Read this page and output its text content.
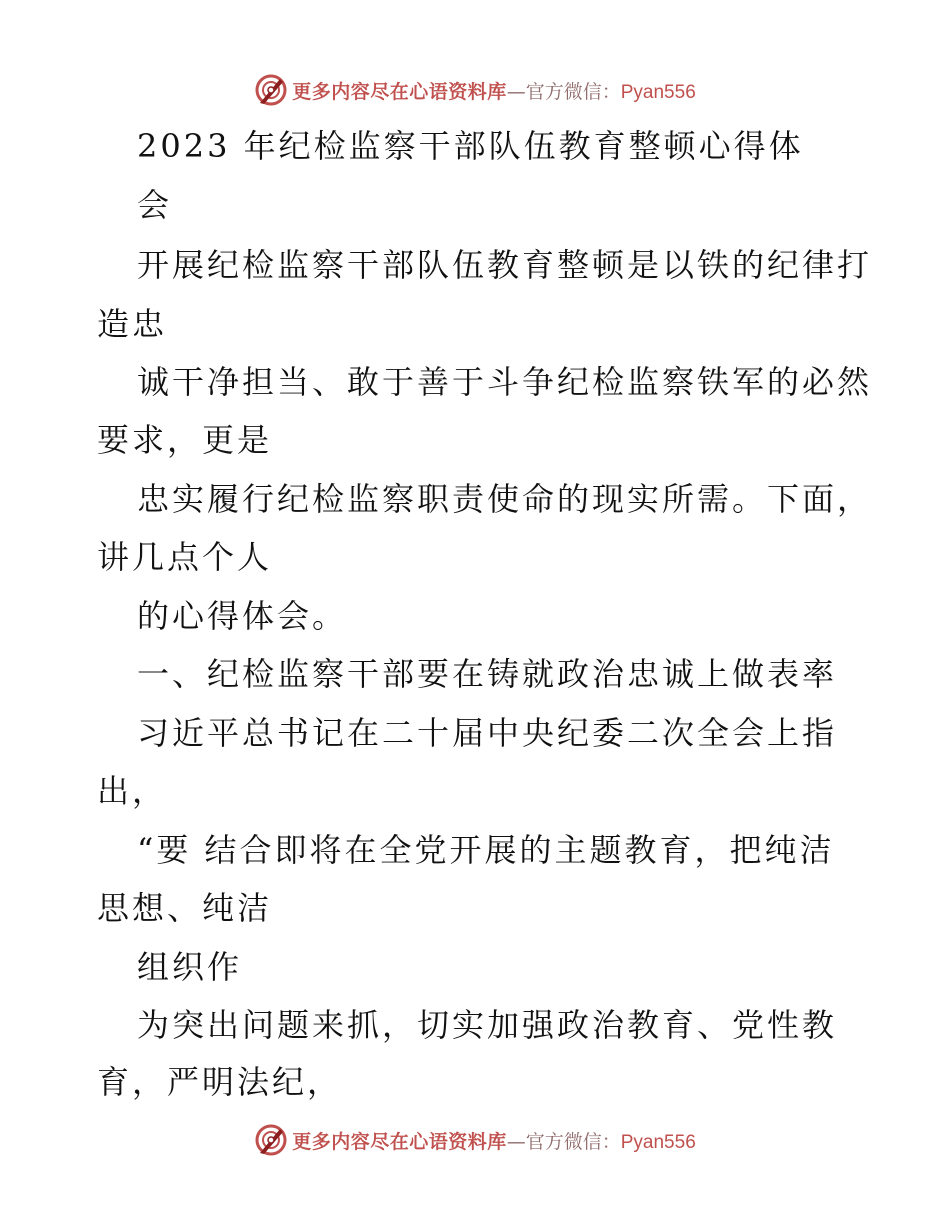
更多内容尽在心语资料库 —官方微信： Pyan556
2023 年纪检监察干部队伍教育整顿心得体
会
开展纪检监察干部队伍教育整顿是以铁的纪律打
造忠
诚干净担当、敢于善于斗争纪检监察铁军的必然
要求，更是
忠实履行纪检监察职责使命的现实所需。下面，
讲几点个人
的心得体会。
一、纪检监察干部要在铸就政治忠诚上做表率
习近平总书记在二十届中央纪委二次全会上指
出，
“要 结合即将在全党开展的主题教育，把纯洁
思想、纯洁
组织作
为突出问题来抓，切实加强政治教育、党性教
育，严明法纪，
更多内容尽在心语资料库 —官方微信： Pyan556
